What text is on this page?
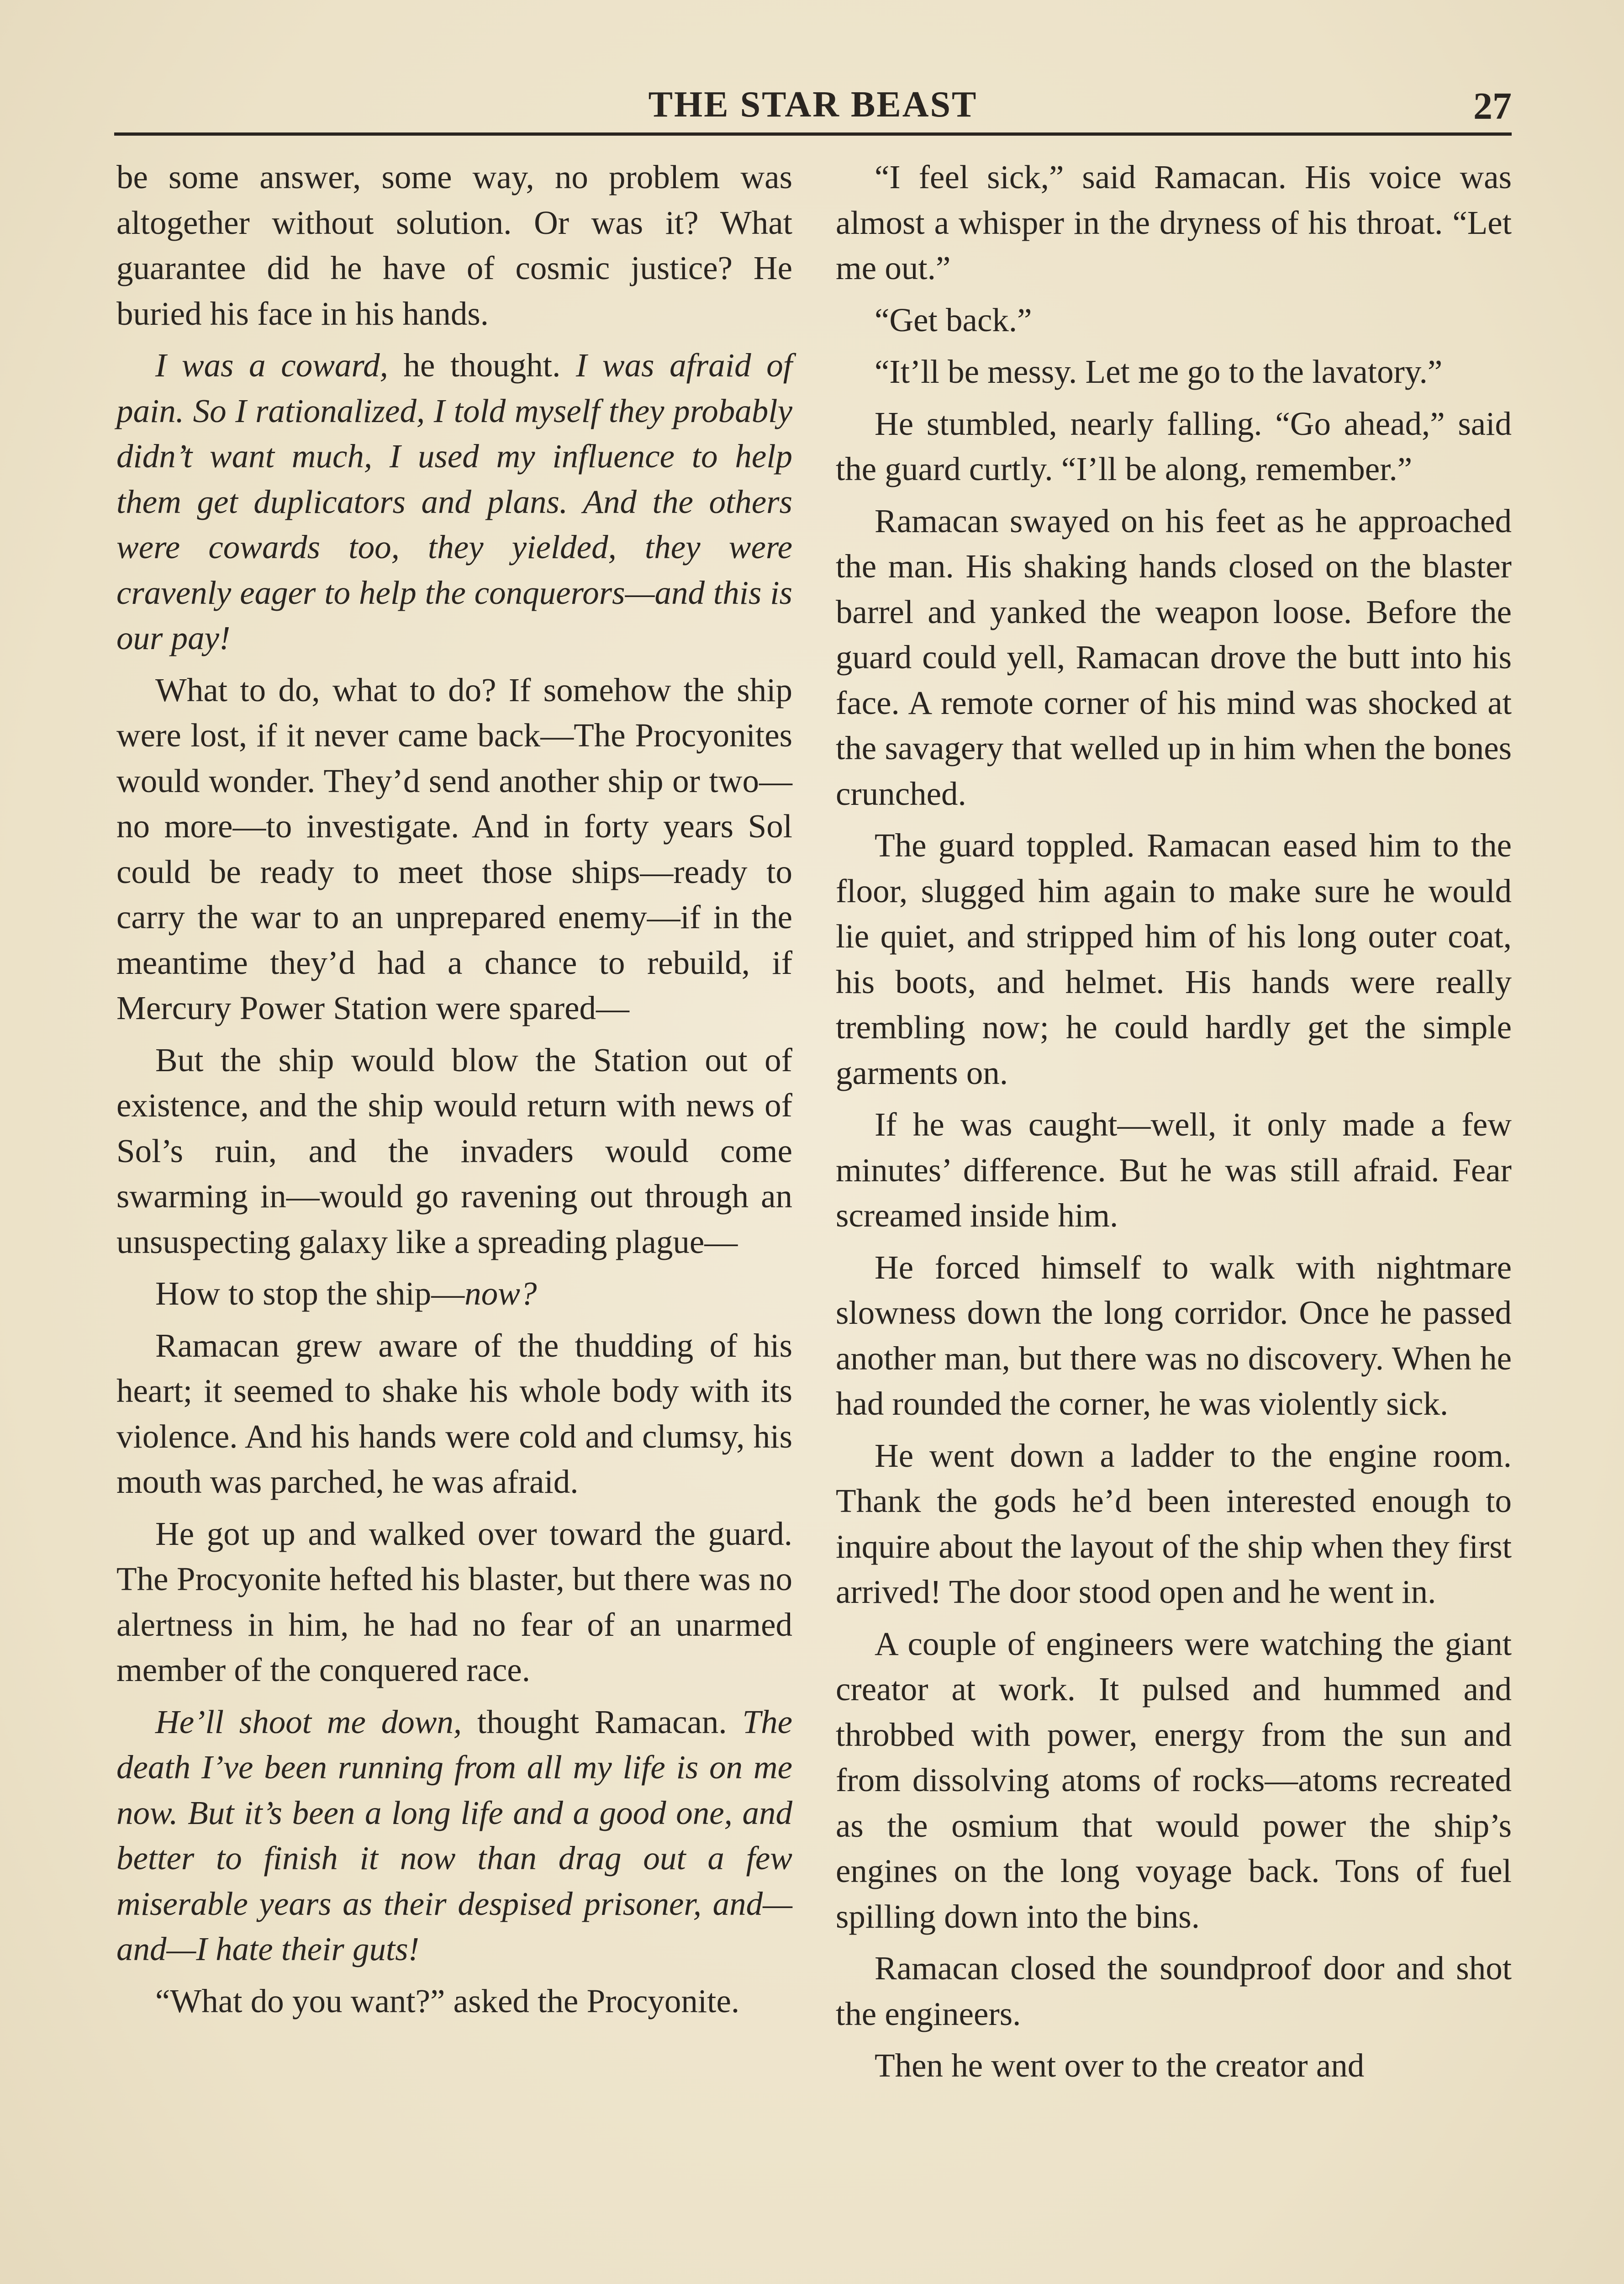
THE STAR BEAST	27

be some answer, some way, no problem was altogether without solution. Or was it? What guarantee did he have of cosmic justice? He buried his face in his hands.

I was a coward, he thought. I was afraid of pain. So I rationalized, I told myself they probably didn’t want much, I used my influence to help them get duplicators and plans. And the others were cowards too, they yielded, they were cravenly eager to help the conquerors—and this is our pay!

What to do, what to do? If somehow the ship were lost, if it never came back—The Procyonites would wonder. They’d send another ship or two—no more—to investigate. And in forty years Sol could be ready to meet those ships—ready to carry the war to an unprepared enemy—if in the meantime they’d had a chance to rebuild, if Mercury Power Station were spared—

But the ship would blow the Station out of existence, and the ship would return with news of Sol’s ruin, and the invaders would come swarming in—would go ravening out through an unsuspecting galaxy like a spreading plague—

How to stop the ship—now?

Ramacan grew aware of the thudding of his heart; it seemed to shake his whole body with its violence. And his hands were cold and clumsy, his mouth was parched, he was afraid.

He got up and walked over toward the guard. The Procyonite hefted his blaster, but there was no alertness in him, he had no fear of an unarmed member of the conquered race.

He’ll shoot me down, thought Ramacan. The death I’ve been running from all my life is on me now. But it’s been a long life and a good one, and better to finish it now than drag out a few miserable years as their despised prisoner, and—and—I hate their guts!

“What do you want?” asked the Procyonite.

“I feel sick,” said Ramacan. His voice was almost a whisper in the dryness of his throat. “Let me out.”

“Get back.”

“It’ll be messy. Let me go to the lavatory.”

He stumbled, nearly falling. “Go ahead,” said the guard curtly. “I’ll be along, remember.”

Ramacan swayed on his feet as he approached the man. His shaking hands closed on the blaster barrel and yanked the weapon loose. Before the guard could yell, Ramacan drove the butt into his face. A remote corner of his mind was shocked at the savagery that welled up in him when the bones crunched.

The guard toppled. Ramacan eased him to the floor, slugged him again to make sure he would lie quiet, and stripped him of his long outer coat, his boots, and helmet. His hands were really trembling now; he could hardly get the simple garments on.

If he was caught—well, it only made a few minutes’ difference. But he was still afraid. Fear screamed inside him.

He forced himself to walk with nightmare slowness down the long corridor. Once he passed another man, but there was no discovery. When he had rounded the corner, he was violently sick.

He went down a ladder to the engine room. Thank the gods he’d been interested enough to inquire about the layout of the ship when they first arrived! The door stood open and he went in.

A couple of engineers were watching the giant creator at work. It pulsed and hummed and throbbed with power, energy from the sun and from dissolving atoms of rocks—atoms recreated as the osmium that would power the ship’s engines on the long voyage back. Tons of fuel spilling down into the bins.

Ramacan closed the soundproof door and shot the engineers.

Then he went over to the creator and
